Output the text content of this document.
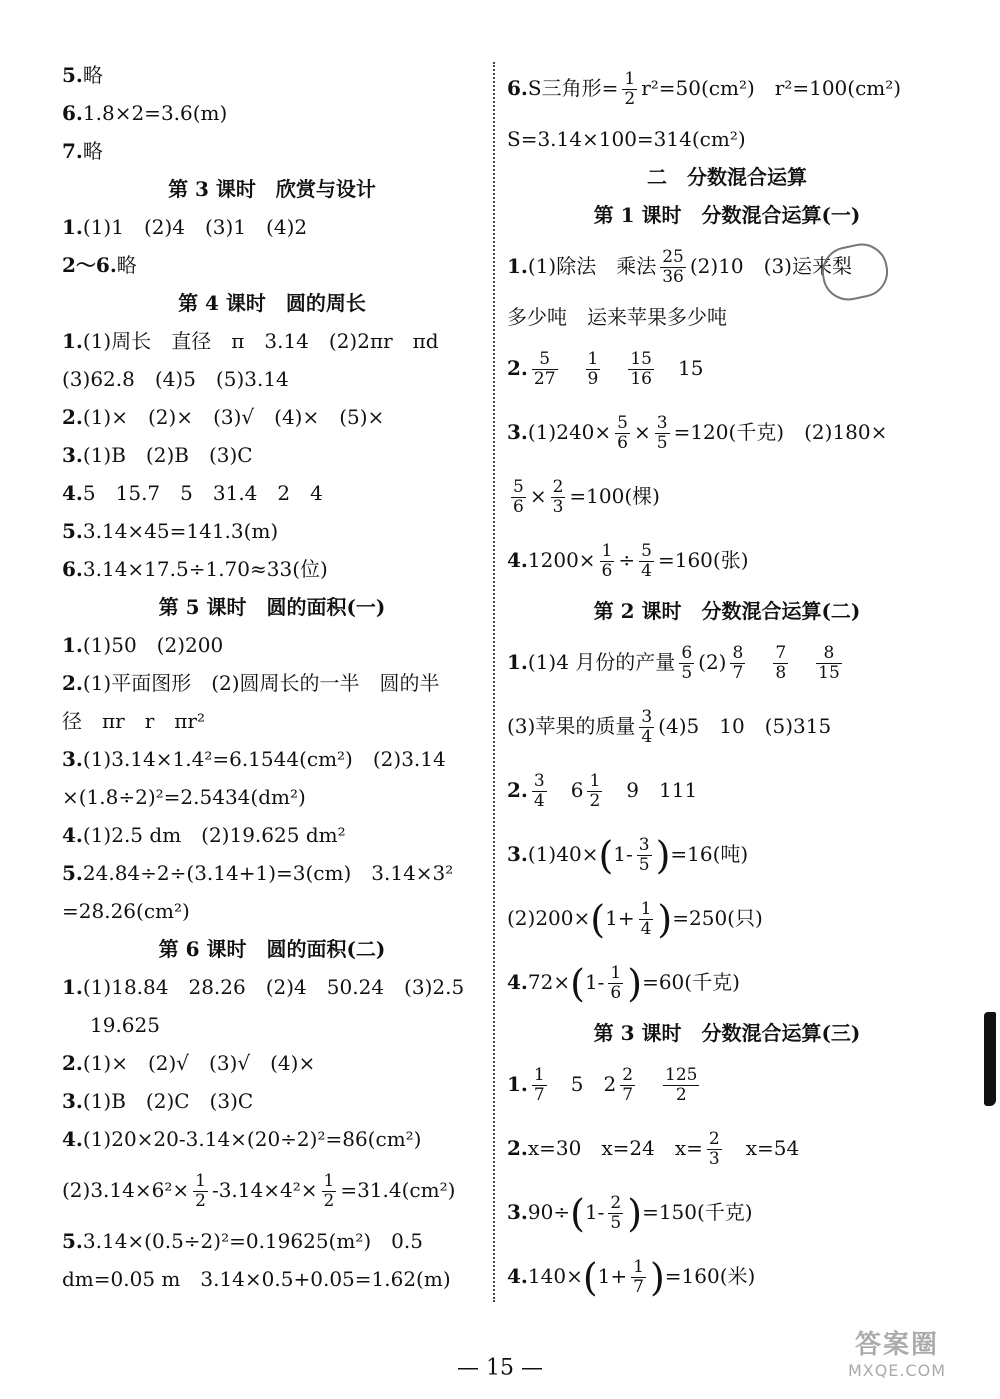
5.略
6.1.8×2=3.6(m)
7.略
第 3 课时　欣赏与设计
1.(1)1　(2)4　(3)1　(4)2
2～6.略
第 4 课时　圆的周长
1.(1)周长　直径　π　3.14　(2)2πr　πd
(3)62.8　(4)5　(5)3.14
2.(1)×　(2)×　(3)√　(4)×　(5)×
3.(1)B　(2)B　(3)C
4.5　15.7　5　31.4　2　4
5.3.14×45=141.3(m)
6.3.14×17.5÷1.70≈33(位)
第 5 课时　圆的面积(一)
1.(1)50　(2)200
2.(1)平面图形　(2)圆周长的一半　圆的半
径　πr　r　πr²
3.(1)3.14×1.4²=6.1544(cm²)　(2)3.14
×(1.8÷2)²=2.5434(dm²)
4.(1)2.5 dm　(2)19.625 dm²
5.24.84÷2÷(3.14+1)=3(cm)　3.14×3²
=28.26(cm²)
第 6 课时　圆的面积(二)
1.(1)18.84　28.26　(2)4　50.24　(3)2.5
19.625
2.(1)×　(2)√　(3)√　(4)×
3.(1)B　(2)C　(3)C
4.(1)20×20-3.14×(20÷2)²=86(cm²)
$(2)3.14\times 6^2\times \frac{1}{2} -3.14\times 4^2\times \frac{1}{2} =31.4(cm^2)$
5.3.14×(0.5÷2)²=0.19625(m²)　0.5
dm=0.05 m　3.14×0.5+0.05=1.62(m)
6.S三角形= $\frac{1}{2} r^2=50(cm^2)$　r²=100(cm²)
S=3.14×100=314(cm²)
二　分数混合运算
第 1 课时　分数混合运算(一)
1.(1)除法　乘法 $\frac{25}{36} (2)10$　(3)运来梨
多少吨　运来苹果多少吨
2. $\frac{5}{27}$
　 $\frac{1}{9}$
　 $\frac{15}{16}$
　 15
$3.(1)240\times \frac{5}{6} \times \frac{3}{5} =120$(千克)　(2)180×
$\frac{5}{6} \times \frac{2}{3} =100$(棵)
$4.1200\times \frac{1}{6} \div \frac{5}{4} =160$(张)
第 2 课时　分数混合运算(二)
1.(1)4 月份的产量 $\frac{6}{5} (2) \frac{8}{7}$
　 $\frac{7}{8}$
　 $\frac{8}{15}$
(3)苹果的质量 $\frac{3}{4} (4)5$　10　(5)315
2. $\frac{3}{4}$
　 $6 \frac{1}{2}$
　 9　111
$3.(1)40\times(1- \frac{3}{5} )=16$(吨)
$(2)200\times(1+ \frac{1}{4} )=250$(只)
$4.72\times(1- \frac{1}{6} )=60$(千克)
第 3 课时　分数混合运算(三)
1. $\frac{1}{7}$
　 5　 $2 \frac{2}{7}$
　 $\frac{125}{2}$
2.x=30　x=24　$x= \frac{2}{3}$
　 x=54
$3.90\div(1- \frac{2}{5} )=150$(千克)
$4.140\times(1+ \frac{1}{7} )=160$(米)
— 15 —
答案圈
MXQE.COM
